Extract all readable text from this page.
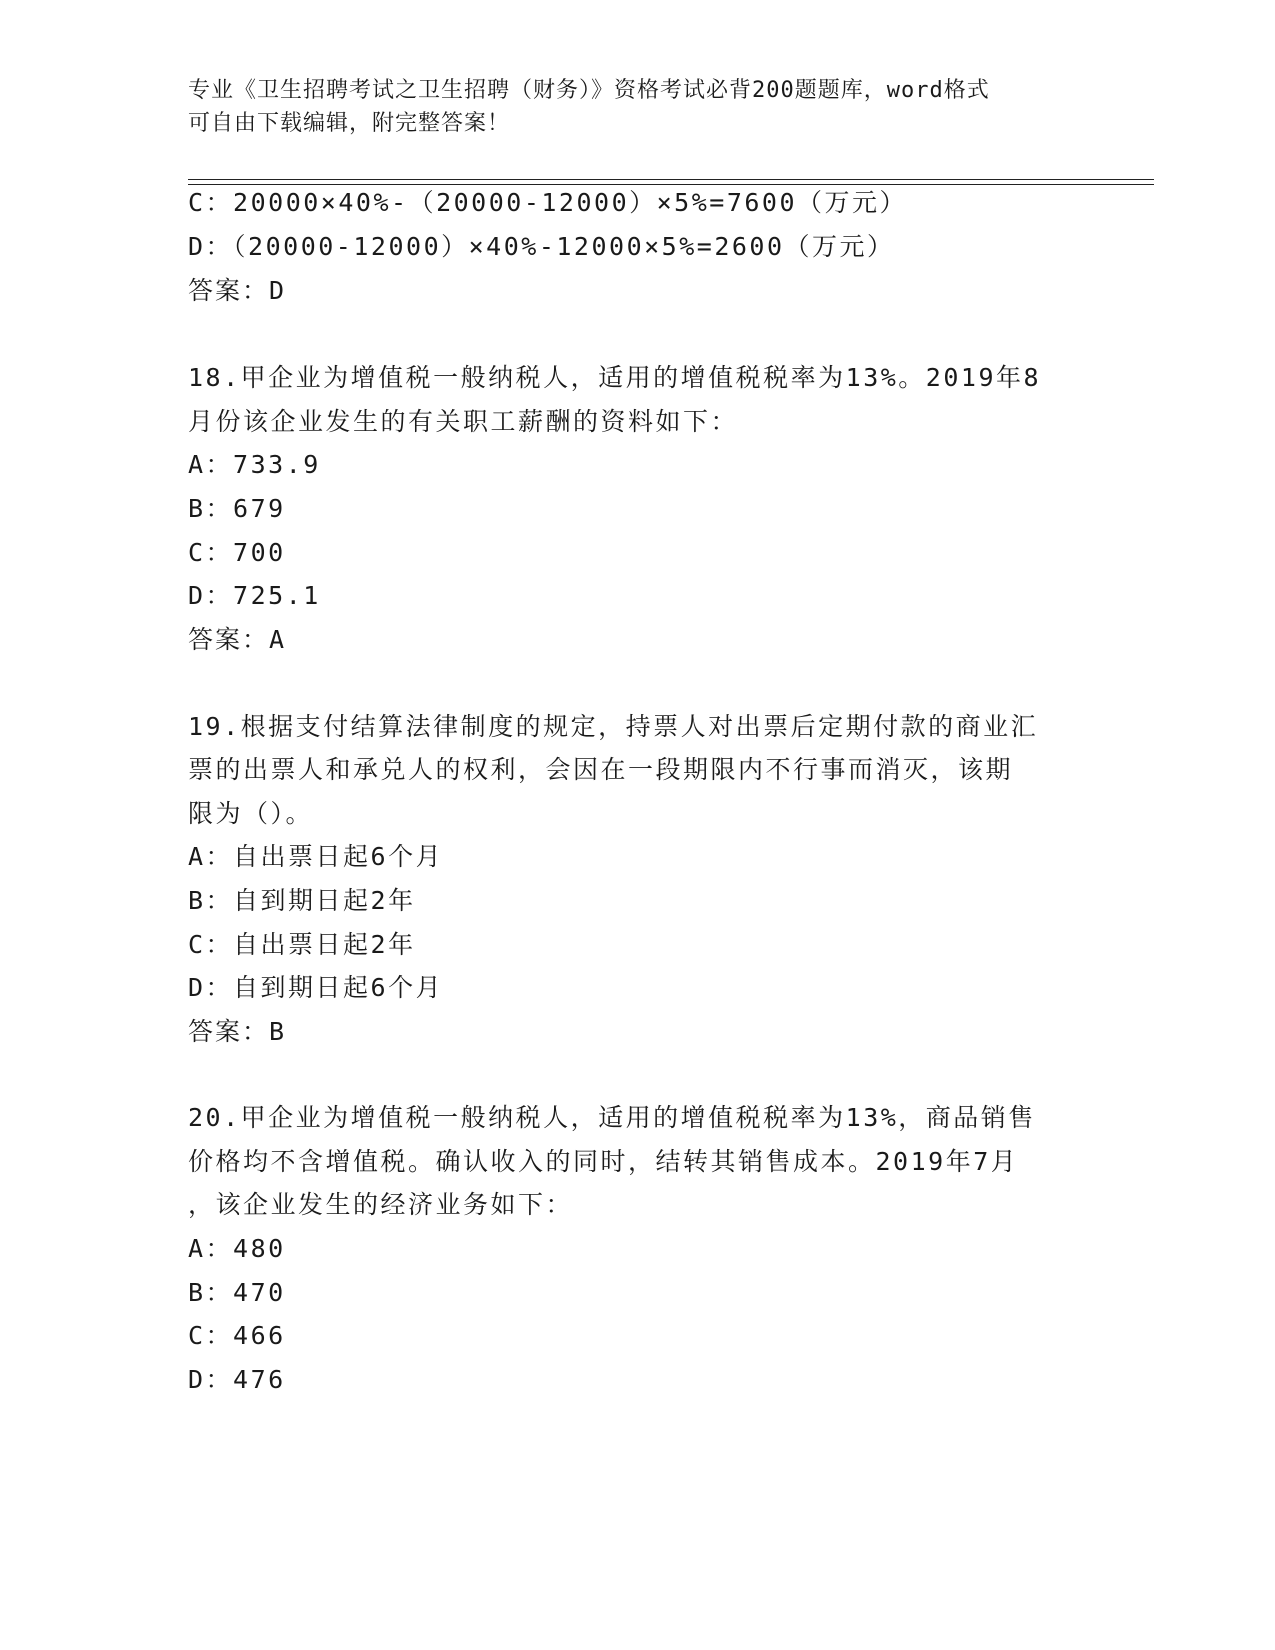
专业《卫生招聘考试之卫生招聘（财务）》资格考试必背200题题库，word格式
可自由下载编辑，附完整答案！
C：20000×40%-（20000-12000）×5%=7600（万元）
D：（20000-12000）×40%-12000×5%=2600（万元）
答案：D
18.甲企业为增值税一般纳税人，适用的增值税税率为13%。2019年8
月份该企业发生的有关职工薪酬的资料如下：
A：733.9
B：679
C：700
D：725.1
答案：A
19.根据支付结算法律制度的规定，持票人对出票后定期付款的商业汇
票的出票人和承兑人的权利，会因在一段期限内不行事而消灭，该期
限为（）。
A：自出票日起6个月
B：自到期日起2年
C：自出票日起2年
D：自到期日起6个月
答案：B
20.甲企业为增值税一般纳税人，适用的增值税税率为13%，商品销售
价格均不含增值税。确认收入的同时，结转其销售成本。2019年7月
，该企业发生的经济业务如下：
A：480
B：470
C：466
D：476
